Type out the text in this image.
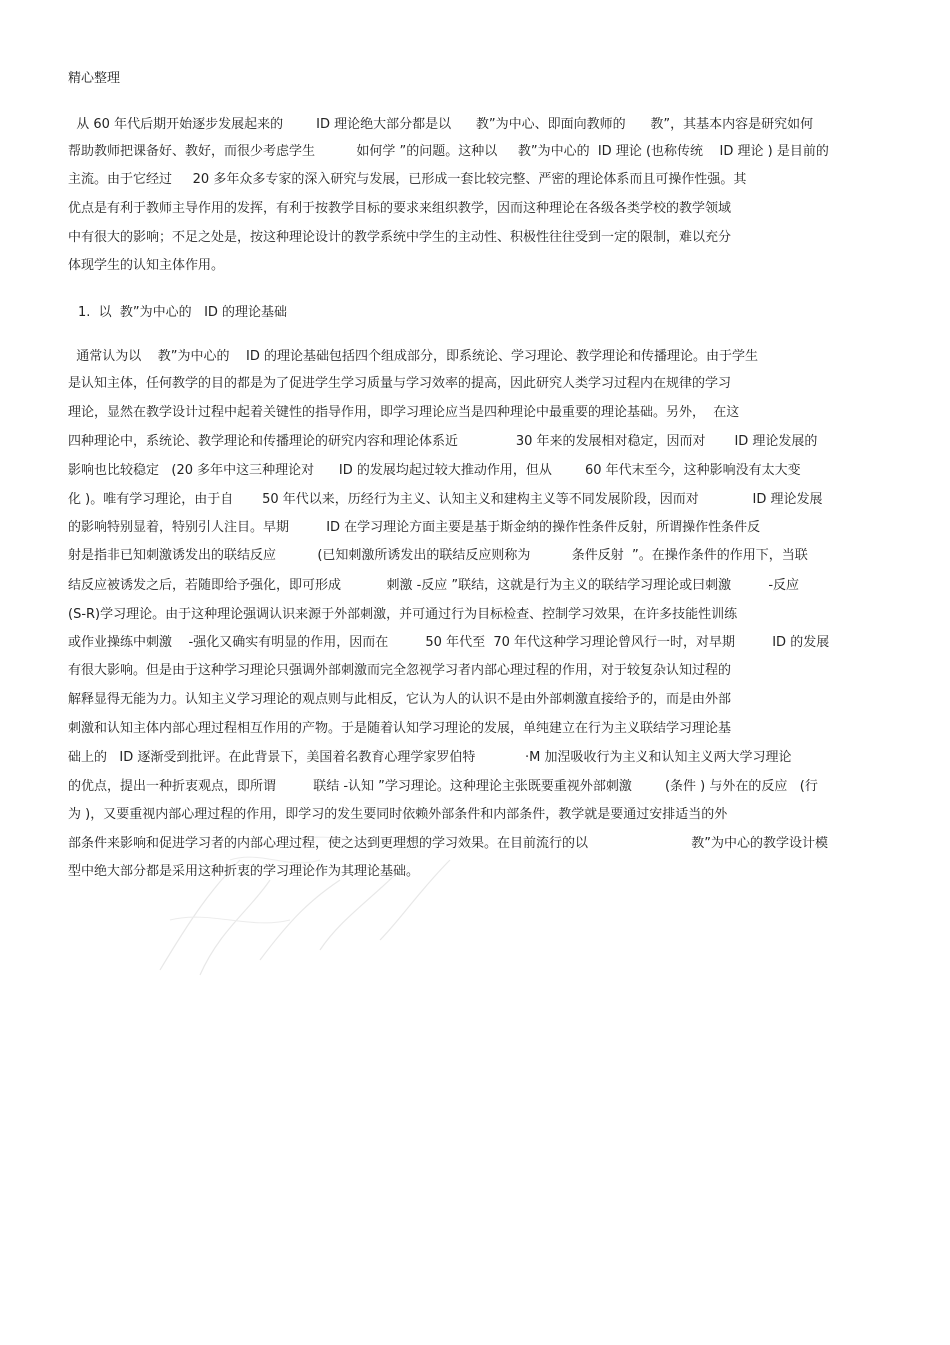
精心整理
从 60 年代后期开始逐步发展起来的        ID 理论绝大部分都是以      教”为中心、即面向教师的      教”，其基本内容是研究如何
帮助教师把课备好、教好，而很少考虑学生          如何学 ”的问题。这种以     教”为中心的  ID 理论 (也称传统    ID 理论 ) 是目前的
主流。由于它经过     20 多年众多专家的深入研究与发展，已形成一套比较完整、严密的理论体系而且可操作性强。其
优点是有利于教师主导作用的发挥，有利于按教学目标的要求来组织教学，因而这种理论在各级各类学校的教学领域
中有很大的影响；不足之处是，按这种理论设计的教学系统中学生的主动性、积极性往往受到一定的限制，难以充分
体现学生的认知主体作用。
1.  以  教”为中心的   ID 的理论基础
通常认为以    教”为中心的    ID 的理论基础包括四个组成部分，即系统论、学习理论、教学理论和传播理论。由于学生
是认知主体，任何教学的目的都是为了促进学生学习质量与学习效率的提高，因此研究人类学习过程内在规律的学习
理论，显然在教学设计过程中起着关键性的指导作用，即学习理论应当是四种理论中最重要的理论基础。另外，  在这
四种理论中，系统论、教学理论和传播理论的研究内容和理论体系近              30 年来的发展相对稳定，因而对       ID 理论发展的
影响也比较稳定   (20 多年中这三种理论对      ID 的发展均起过较大推动作用，但从        60 年代末至今，这种影响没有太大变
化 )。唯有学习理论，由于自       50 年代以来，历经行为主义、认知主义和建构主义等不同发展阶段，因而对             ID 理论发展
的影响特别显着，特别引人注目。早期         ID 在学习理论方面主要是基于斯金纳的操作性条件反射，所谓操作性条件反
射是指非已知刺激诱发出的联结反应          (已知刺激所诱发出的联结反应则称为          条件反射  ”。在操作条件的作用下，当联
结反应被诱发之后，若随即给予强化，即可形成           刺激 -反应 ”联结，这就是行为主义的联结学习理论或曰刺激         -反应
(S-R)学习理论。由于这种理论强调认识来源于外部刺激，并可通过行为目标检查、控制学习效果，在许多技能性训练
或作业操练中刺激    -强化又确实有明显的作用，因而在         50 年代至  70 年代这种学习理论曾风行一时，对早期         ID 的发展
有很大影响。但是由于这种学习理论只强调外部刺激而完全忽视学习者内部心理过程的作用，对于较复杂认知过程的
解释显得无能为力。认知主义学习理论的观点则与此相反，它认为人的认识不是由外部刺激直接给予的，而是由外部
刺激和认知主体内部心理过程相互作用的产物。于是随着认知学习理论的发展，单纯建立在行为主义联结学习理论基
础上的   ID 逐渐受到批评。在此背景下，美国着名教育心理学家罗伯特            ·M 加涅吸收行为主义和认知主义两大学习理论
的优点，提出一种折衷观点，即所谓         联结 -认知 ”学习理论。这种理论主张既要重视外部刺激        (条件 ) 与外在的反应   (行
为 )，又要重视内部心理过程的作用，即学习的发生要同时依赖外部条件和内部条件，教学就是要通过安排适当的外
部条件来影响和促进学习者的内部心理过程，使之达到更理想的学习效果。在目前流行的以                         教”为中心的教学设计模
型中绝大部分都是采用这种折衷的学习理论作为其理论基础。
